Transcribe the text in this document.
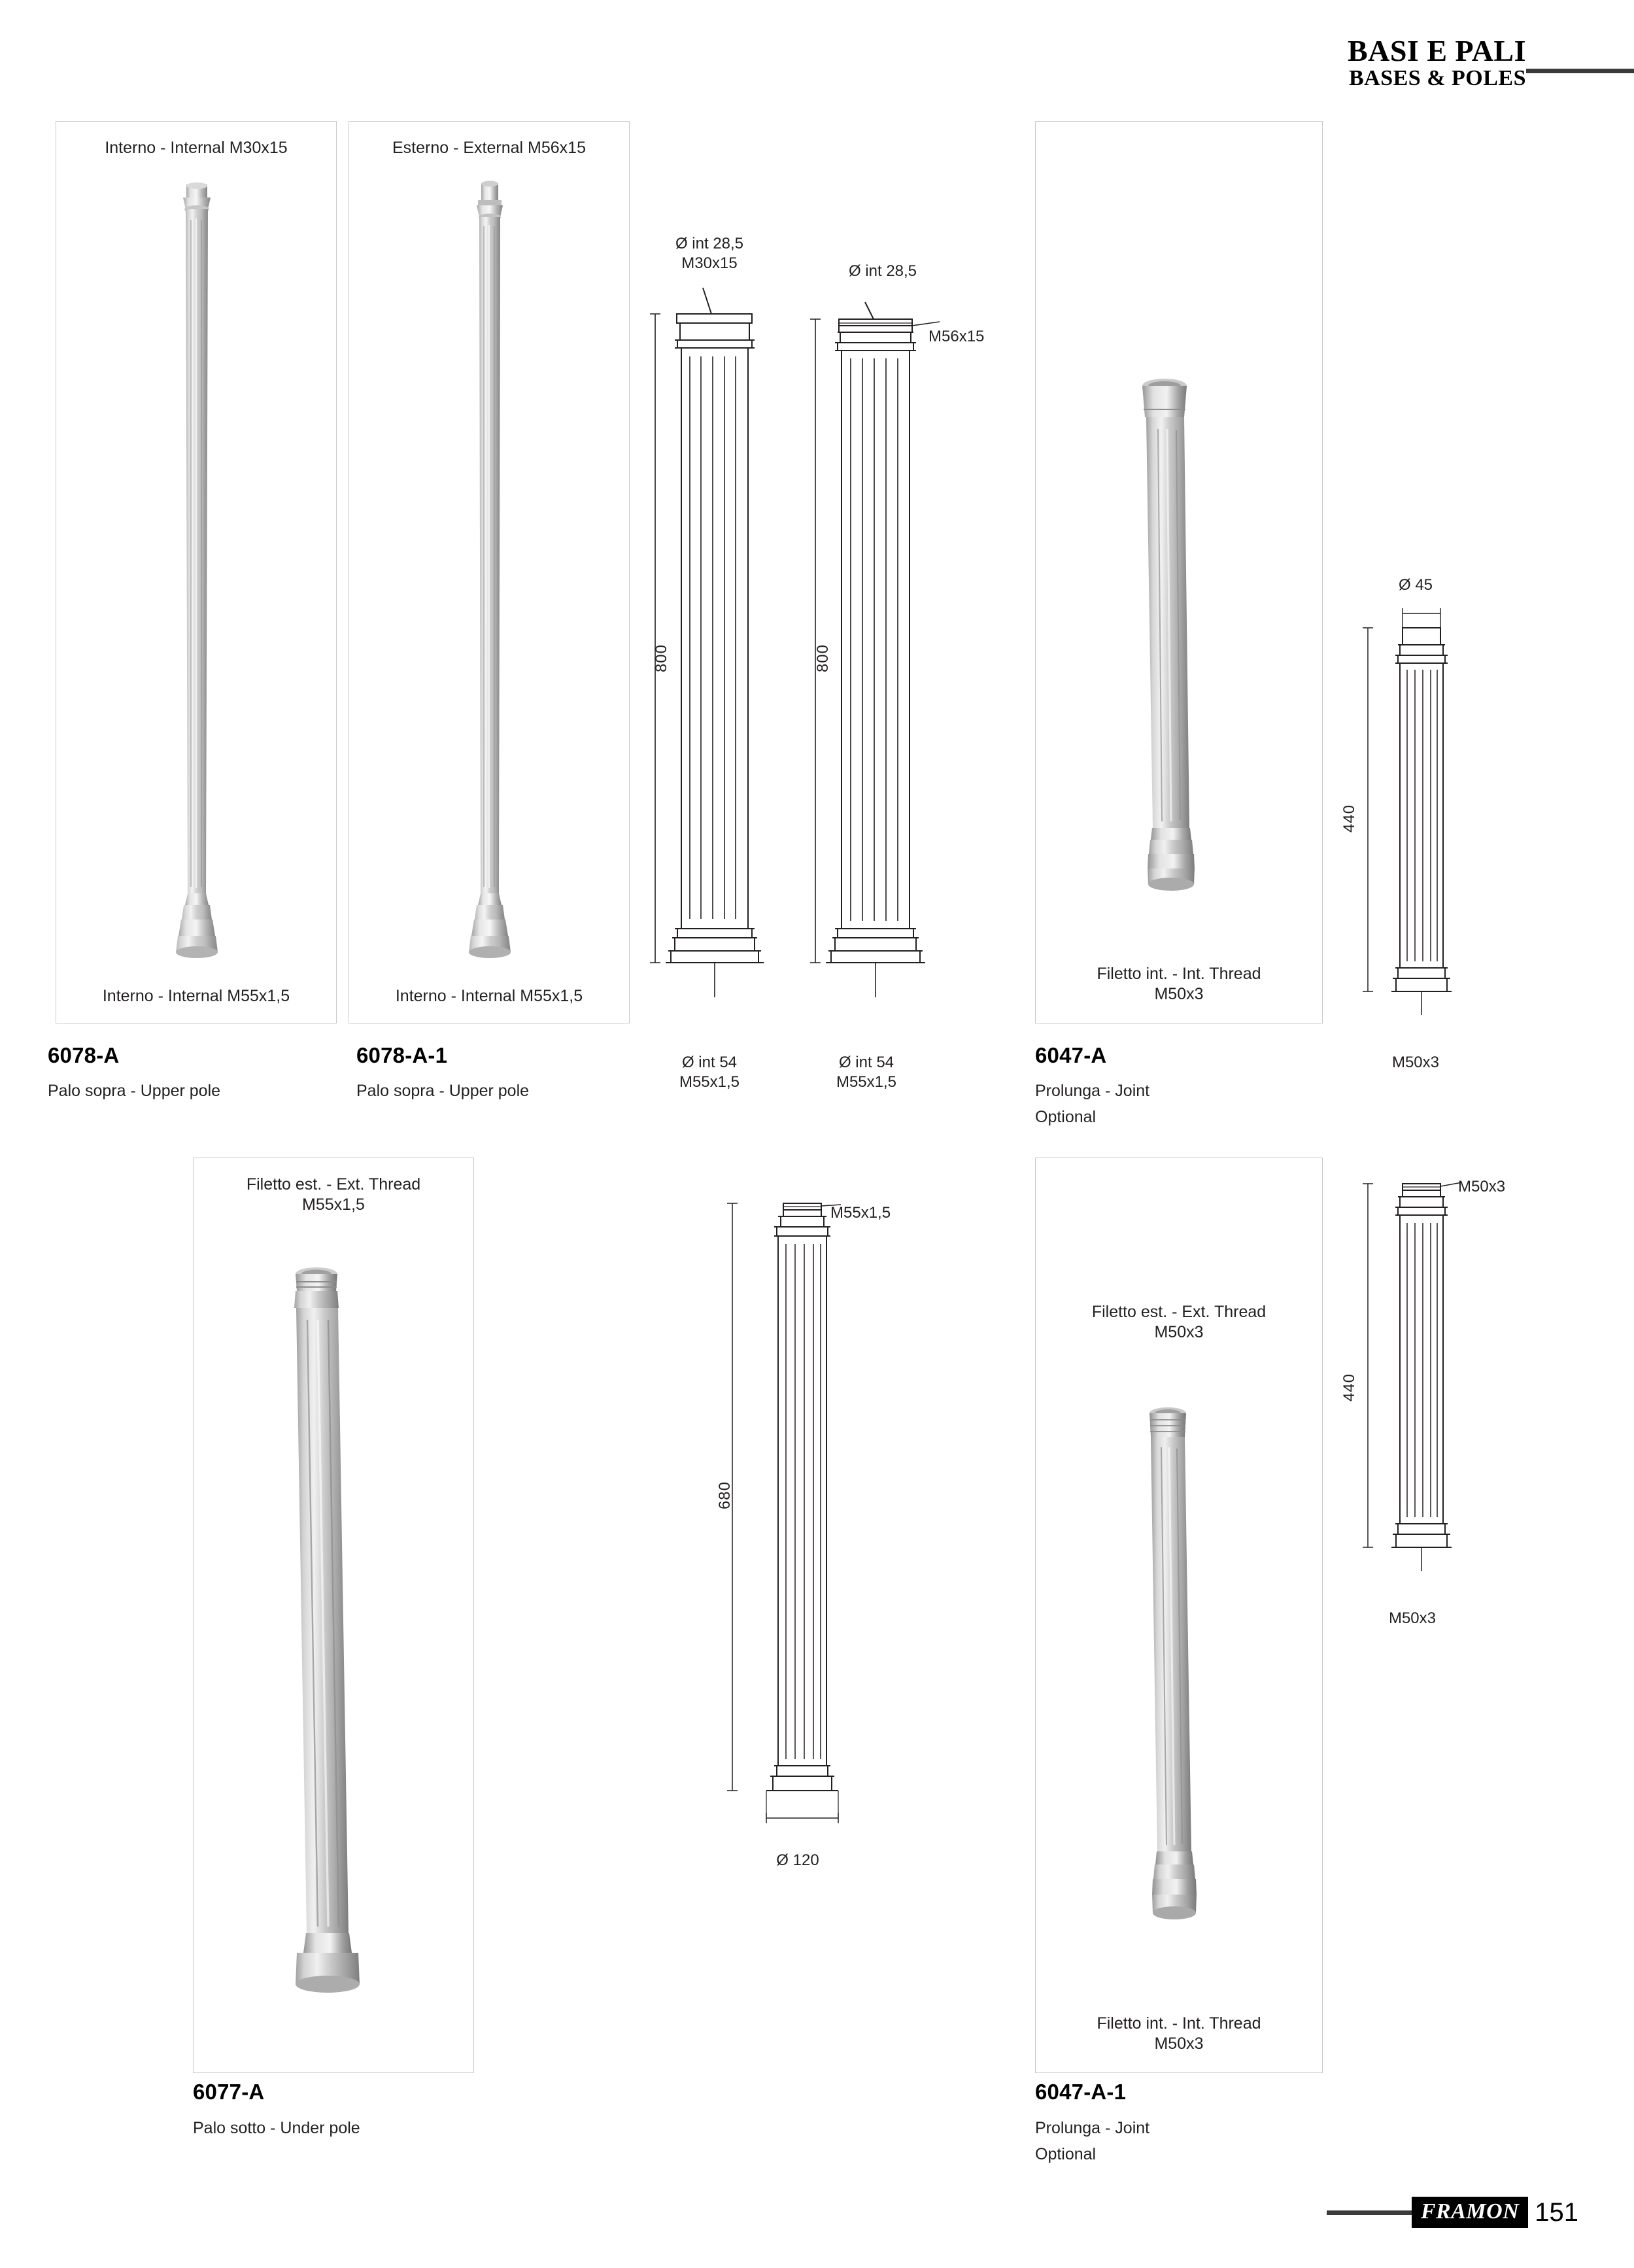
BASI E PALI
BASES & POLES
Interno - Internal M30x15
Interno - Internal M55x1,5
6078-A
Palo sopra - Upper pole
Esterno - External M56x15
Interno - Internal M55x1,5
6078-A-1
Palo sopra - Upper pole
Ø int 28,5
M30x15
800
Ø int 54
M55x1,5
Ø int 28,5
M56x15
800
Ø int 54
M55x1,5
Filetto int. - Int. Thread
M50x3
6047-A
Prolunga - Joint
Optional
Ø 45
440
M50x3
Filetto est. - Ext. Thread
M55x1,5
6077-A
Palo sotto - Under pole
M55x1,5
680
Ø 120
Filetto est. - Ext. Thread
M50x3
Filetto int. - Int. Thread
M50x3
6047-A-1
Prolunga - Joint
Optional
M50x3
440
M50x3
FRAMON 151
